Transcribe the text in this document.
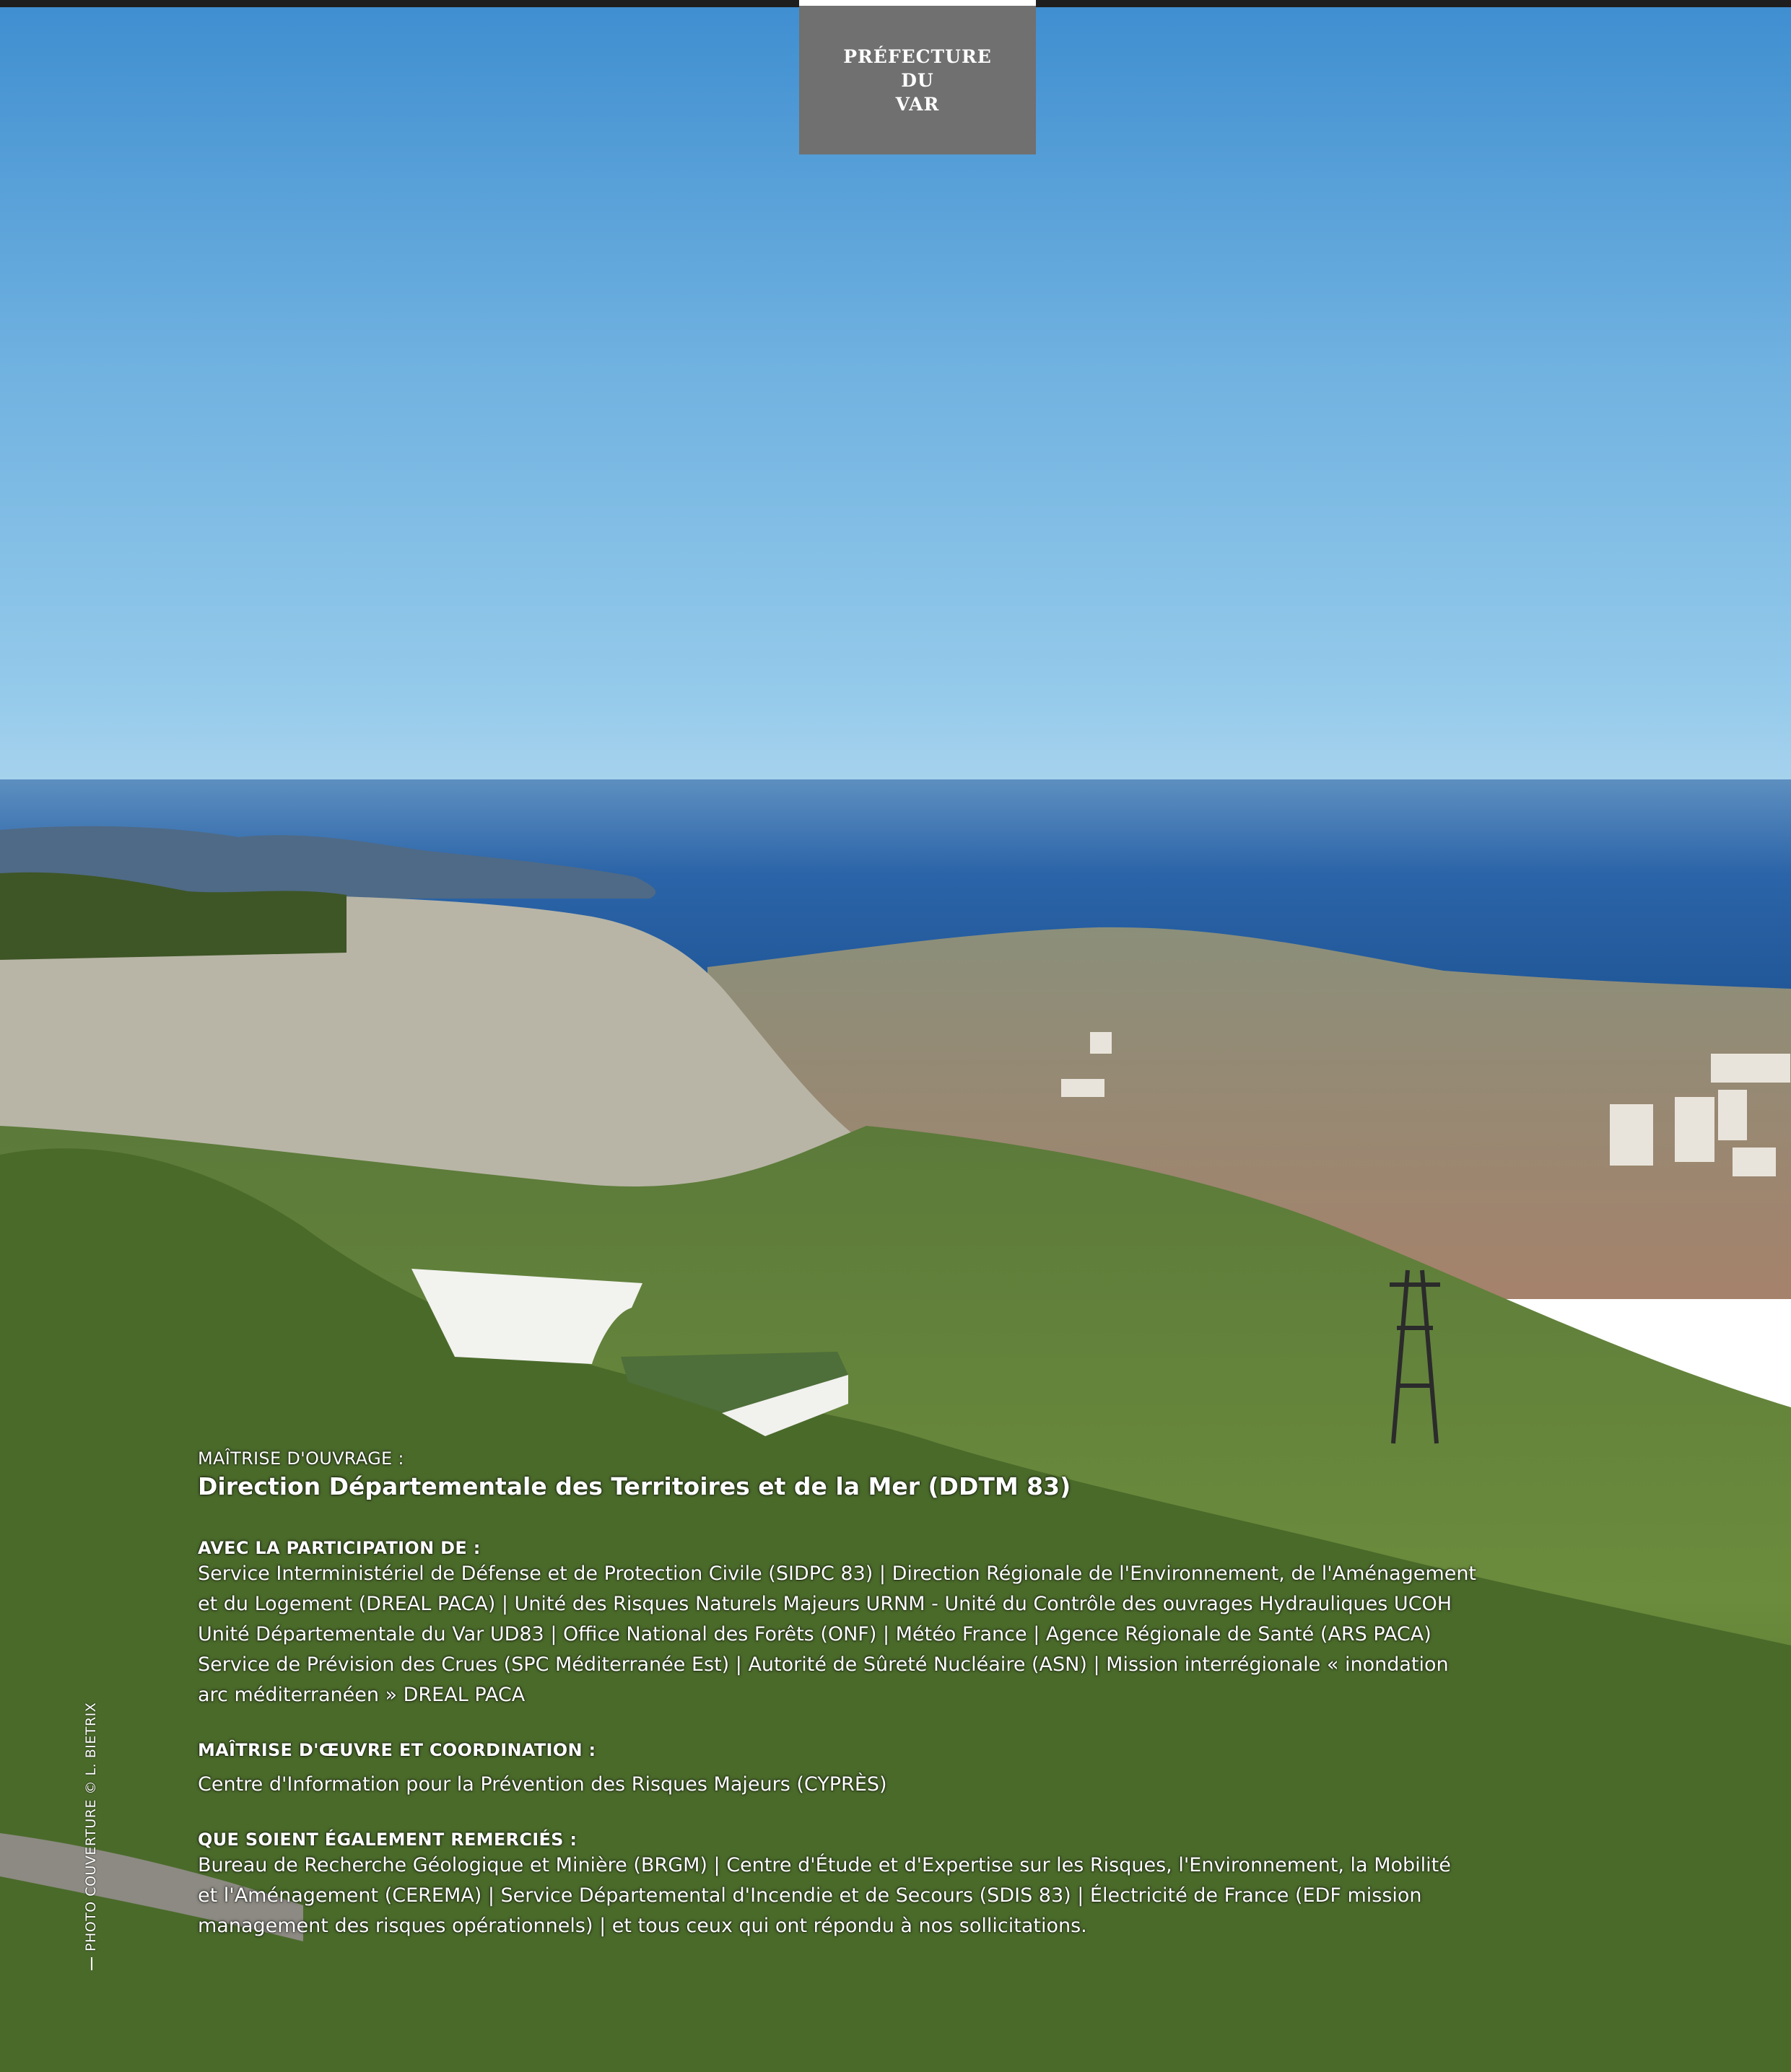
PRÉFECTURE
DU
VAR
PHOTO COUVERTURE © L. BIETRIX

MAÎTRISE D'OUVRAGE :

Direction Départementale des Territoires et de la Mer (DDTM 83)

AVEC LA PARTICIPATION DE :

Service Interministériel de Défense et de Protection Civile (SIDPC 83) | Direction Régionale de l'Environnement, de l'Aménagement

et du Logement (DREAL PACA) | Unité des Risques Naturels Majeurs URNM - Unité du Contrôle des ouvrages Hydrauliques UCOH

Unité Départementale du Var UD83 | Office National des Forêts (ONF) | Météo France | Agence Régionale de Santé (ARS PACA)

Service de Prévision des Crues (SPC Méditerranée Est) | Autorité de Sûreté Nucléaire (ASN) | Mission interrégionale « inondation

arc méditerranéen » DREAL PACA

MAÎTRISE D'ŒUVRE ET COORDINATION :

Centre d'Information pour la Prévention des Risques Majeurs (CYPRÈS)

QUE SOIENT ÉGALEMENT REMERCIÉS :

Bureau de Recherche Géologique et Minière (BRGM) | Centre d'Étude et d'Expertise sur les Risques, l'Environnement, la Mobilité

et l'Aménagement (CEREMA) | Service Départemental d'Incendie et de Secours (SDIS 83) | Électricité de France (EDF mission

management des risques opérationnels) | et tous ceux qui ont répondu à nos sollicitations.
